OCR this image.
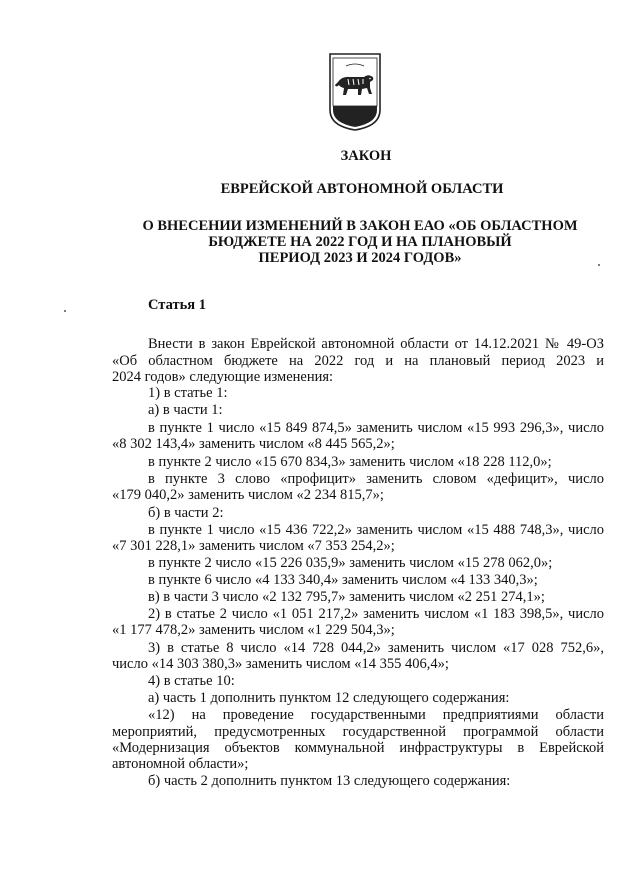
ЗАКОН
ЕВРЕЙСКОЙ АВТОНОМНОЙ ОБЛАСТИ
О ВНЕСЕНИИ ИЗМЕНЕНИЙ В ЗАКОН ЕАО «ОБ ОБЛАСТНОМ
БЮДЖЕТЕ НА 2022 ГОД И НА ПЛАНОВЫЙ
ПЕРИОД 2023 И 2024 ГОДОВ»
Статья 1
Внести в закон Еврейской автономной области от 14.12.2021 № 49-ОЗ
«Об областном бюджете на 2022 год и на плановый период 2023 и
2024 годов» следующие изменения:
1) в статье 1:
а) в части 1:
в пункте 1 число «15 849 874,5» заменить числом «15 993 296,3», число
«8 302 143,4» заменить числом «8 445 565,2»;
в пункте 2 число «15 670 834,3» заменить числом «18 228 112,0»;
в пункте 3 слово «профицит» заменить словом «дефицит», число
«179 040,2» заменить числом «2 234 815,7»;
б) в части 2:
в пункте 1 число «15 436 722,2» заменить числом «15 488 748,3», число
«7 301 228,1» заменить числом «7 353 254,2»;
в пункте 2 число «15 226 035,9» заменить числом «15 278 062,0»;
в пункте 6 число «4 133 340,4» заменить числом «4 133 340,3»;
в) в части 3 число «2 132 795,7» заменить числом «2 251 274,1»;
2) в статье 2 число «1 051 217,2» заменить числом «1 183 398,5», число
«1 177 478,2» заменить числом «1 229 504,3»;
3) в статье 8 число «14 728 044,2» заменить числом «17 028 752,6»,
число «14 303 380,3» заменить числом «14 355 406,4»;
4) в статье 10:
а) часть 1 дополнить пунктом 12 следующего содержания:
«12) на проведение государственными предприятиями области
мероприятий, предусмотренных государственной программой области
«Модернизация объектов коммунальной инфраструктуры в Еврейской
автономной области»;
б) часть 2 дополнить пунктом 13 следующего содержания:
